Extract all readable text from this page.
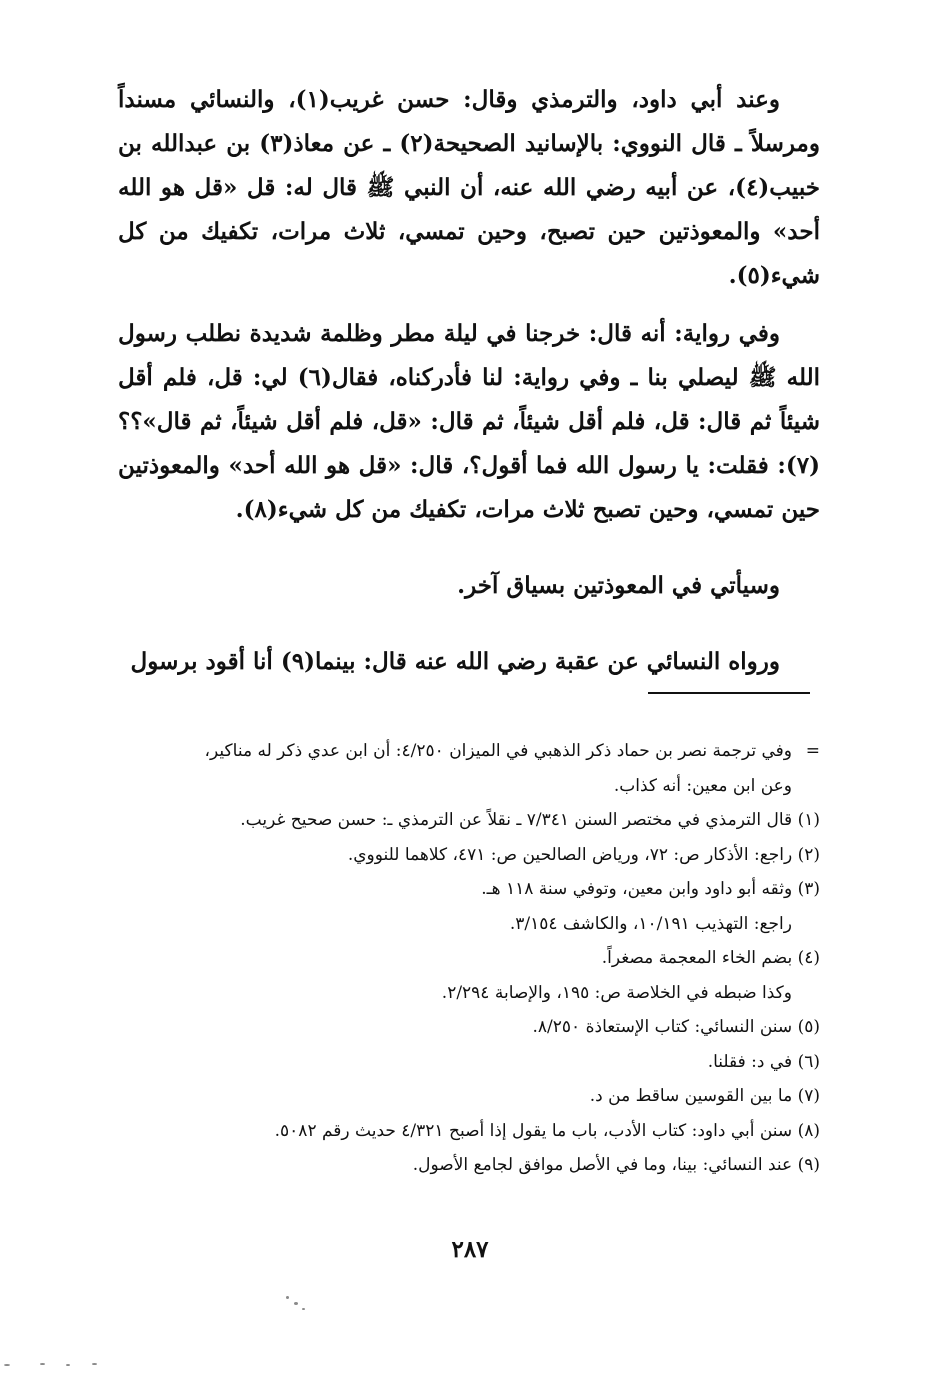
وعند أبي داود، والترمذي وقال: حسن غريب(١)، والنسائي مسنداً ومرسلاً ـ قال النووي: بالإسانيد الصحيحة(٢) ـ عن معاذ(٣) بن عبدالله بن خبيب(٤)، عن أبيه رضي الله عنه، أن النبي ﷺ قال له: قل «قل هو الله أحد» والمعوذتين حين تصبح، وحين تمسي، ثلاث مرات، تكفيك من كل شيء(٥).

وفي رواية: أنه قال: خرجنا في ليلة مطر وظلمة شديدة نطلب رسول الله ﷺ ليصلي بنا ـ وفي رواية: لنا فأدركناه، فقال(٦) لي: قل، فلم أقل شيئاً ثم قال: قل، فلم أقل شيئاً، ثم قال: «قل، فلم أقل شيئاً، ثم قال»؟؟(٧): فقلت: يا رسول الله فما أقول؟، قال: «قل هو الله أحد» والمعوذتين حين تمسي، وحين تصبح ثلاث مرات، تكفيك من كل شيء(٨).

وسيأتي في المعوذتين بسياق آخر.

ورواه النسائي عن عقبة رضي الله عنه قال: بينما(٩) أنا أقود برسول

=
وفي ترجمة نصر بن حماد ذكر الذهبي في الميزان ٤/٢٥٠: أن ابن عدي ذكر له مناكير،
وعن ابن معين: أنه كذاب.
(١) قال الترمذي في مختصر السنن ٧/٣٤١ ـ نقلاً عن الترمذي ـ: حسن صحيح غريب.
(٢) راجع: الأذكار ص: ٧٢، ورياض الصالحين ص: ٤٧١، كلاهما للنووي.
(٣) وثقه أبو داود وابن معين، وتوفي سنة ١١٨ هـ.
راجع: التهذيب ١٠/١٩١، والكاشف ٣/١٥٤.
(٤) بضم الخاء المعجمة مصغراً.
وكذا ضبطه في الخلاصة ص: ١٩٥، والإصابة ٢/٢٩٤.
(٥) سنن النسائي: كتاب الإستعاذة ٨/٢٥٠.
(٦) في د: فقلنا.
(٧) ما بين القوسين ساقط من د.
(٨) سنن أبي داود: كتاب الأدب، باب ما يقول إذا أصبح ٤/٣٢١ حديث رقم ٥٠٨٢.
(٩) عند النسائي: بينا، وما في الأصل موافق لجامع الأصول.
٢٨٧
